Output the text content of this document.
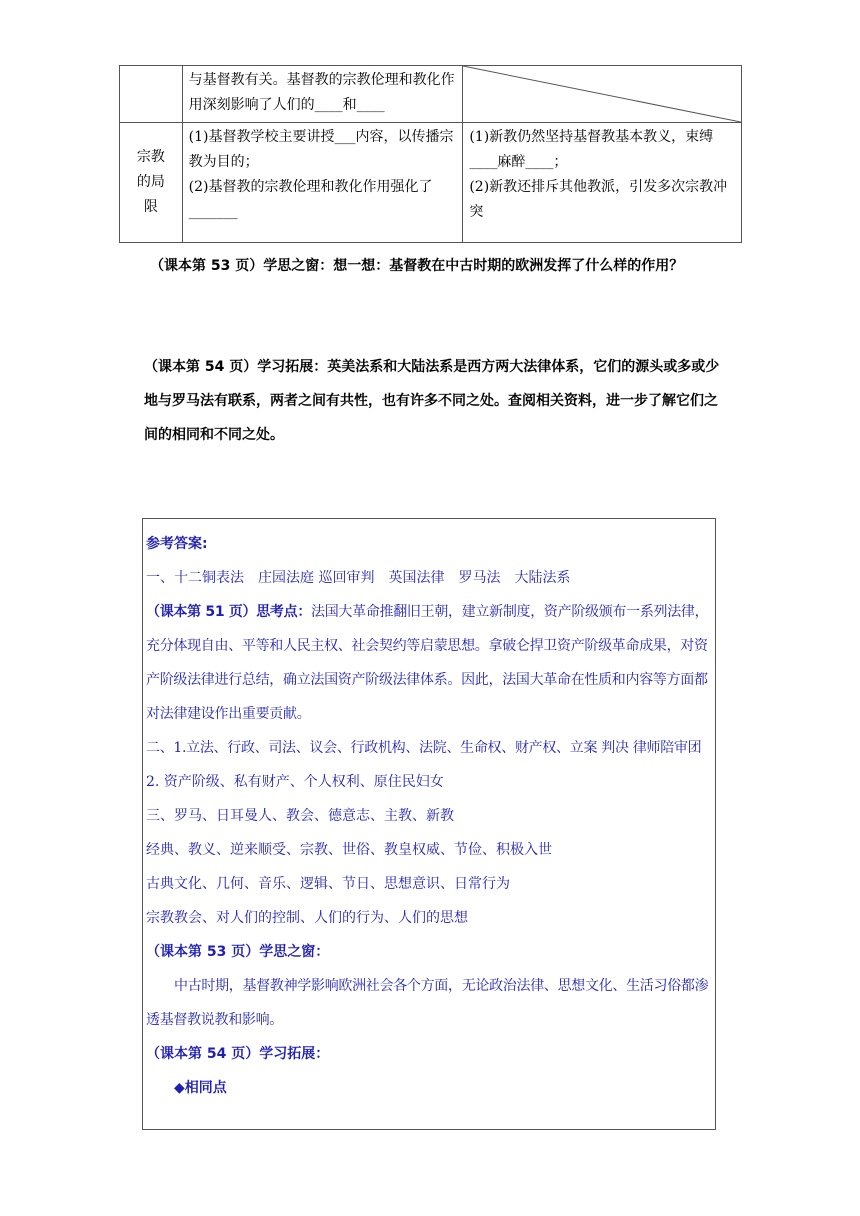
	与基督教有关。基督教的宗教伦理和教化作用深刻影响了人们的____和____	

宗教
的局
限	(1)基督教学校主要讲授___内容，以传播宗教为目的；
(2)基督教的宗教伦理和教化作用强化了_______	(1)新教仍然坚持基督教基本教义，束缚____麻醉____；
(2)新教还排斥其他教派，引发多次宗教冲突
（课本第 53 页）学思之窗：想一想：基督教在中古时期的欧洲发挥了什么样的作用？
（课本第 54 页）学习拓展：英美法系和大陆法系是西方两大法律体系，它们的源头或多或少地与罗马法有联系，两者之间有共性，也有许多不同之处。查阅相关资料，进一步了解它们之间的相同和不同之处。

参考答案:

一、十二铜表法　庄园法庭 巡回审判　英国法律　罗马法　大陆法系

（课本第 51 页）思考点：法国大革命推翻旧王朝，建立新制度，资产阶级颁布一系列法律，充分体现自由、平等和人民主权、社会契约等启蒙思想。拿破仑捍卫资产阶级革命成果，对资产阶级法律进行总结，确立法国资产阶级法律体系。因此，法国大革命在性质和内容等方面都对法律建设作出重要贡献。

二、1.立法、行政、司法、议会、行政机构、法院、生命权、财产权、立案 判决 律师陪审团

2. 资产阶级、私有财产、个人权利、原住民妇女

三、罗马、日耳曼人、教会、德意志、主教、新教

经典、教义、逆来顺受、宗教、世俗、教皇权威、节俭、积极入世

古典文化、几何、音乐、逻辑、节日、思想意识、日常行为

宗教教会、对人们的控制、人们的行为、人们的思想

（课本第 53 页）学思之窗：

中古时期，基督教神学影响欧洲社会各个方面，无论政治法律、思想文化、生活习俗都渗透基督教说教和影响。

（课本第 54 页）学习拓展：

◆相同点
